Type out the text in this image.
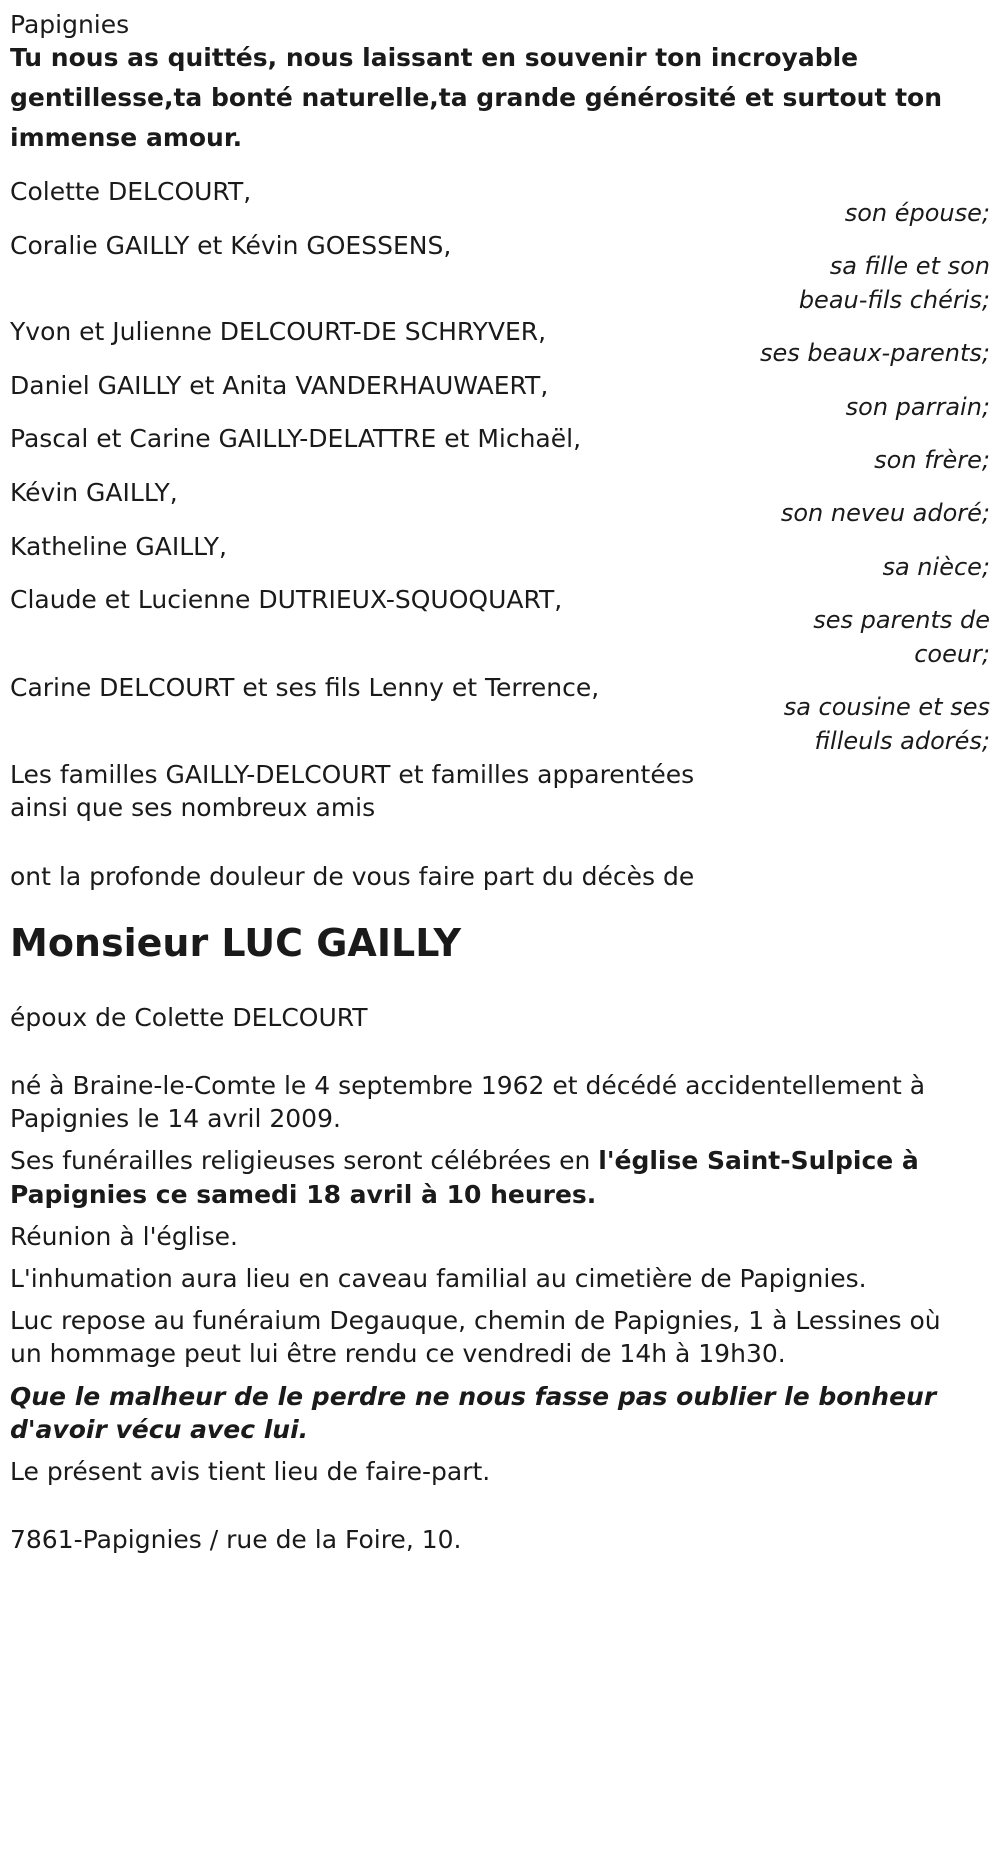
Papignies
Tu nous as quittés, nous laissant en souvenir ton incroyable gentillesse,ta bonté naturelle,ta grande générosité et surtout ton immense amour.
Colette DELCOURT,
son épouse;
Coralie GAILLY et Kévin GOESSENS,
sa fille et son
beau-fils chéris;
Yvon et Julienne DELCOURT-DE SCHRYVER,
ses beaux-parents;
Daniel GAILLY et Anita VANDERHAUWAERT,
son parrain;
Pascal et Carine GAILLY-DELATTRE et Michaël,
son frère;
Kévin GAILLY,
son neveu adoré;
Katheline GAILLY,
sa nièce;
Claude et Lucienne DUTRIEUX-SQUOQUART,
ses parents de
coeur;
Carine DELCOURT et ses fils Lenny et Terrence,
sa cousine et ses
filleuls adorés;
Les familles GAILLY-DELCOURT et familles apparentées
ainsi que ses nombreux amis
ont la profonde douleur de vous faire part du décès de
Monsieur LUC GAILLY
époux de Colette DELCOURT
né à Braine-le-Comte le 4 septembre 1962 et décédé accidentellement à
Papignies le 14 avril 2009.
Ses funérailles religieuses seront célébrées en l'église Saint-Sulpice à
Papignies ce samedi 18 avril à 10 heures.
Réunion à l'église.
L'inhumation aura lieu en caveau familial au cimetière de Papignies.
Luc repose au funéraium Degauque, chemin de Papignies, 1 à Lessines où
un hommage peut lui être rendu ce vendredi de 14h à 19h30.
Que le malheur de le perdre ne nous fasse pas oublier le bonheur
d'avoir vécu avec lui.
Le présent avis tient lieu de faire-part.
7861-Papignies / rue de la Foire, 10.
